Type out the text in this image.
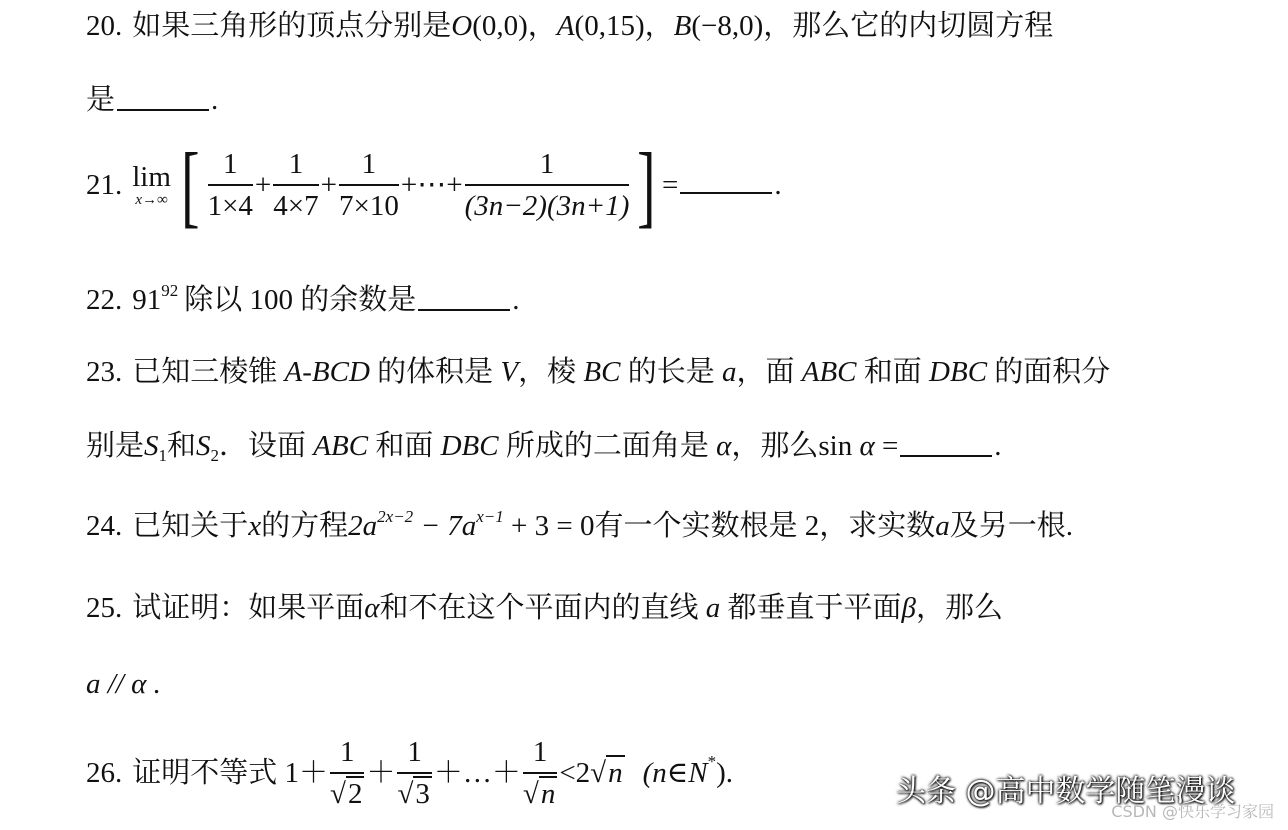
20. 如果三角形的顶点分别是O(0,0)，A(0,15)，B(−8,0)，那么它的内切圆方程
是	.
21. lim
x→∞ [ $\frac{1}{1\times 4} + \frac{1}{4\times 7} + \frac{1}{7\times 10}$ +⋯+ $\frac{1}{(3n-2)(3n+1)}$ ] =	.
22. $91^{92}$ 除以 100 的余数是	.
23. 已知三棱锥 A-BCD 的体积是 V，棱 BC 的长是 a，面 ABC 和面 DBC 的面积分
别是$S_1$和$S_2$．设面 ABC 和面 DBC 所成的二面角是 α，那么sin α =	.
24. 已知关于x的方程$2a^{2x-2} - 7a^{x-1} + 3 = 0$有一个实数根是 2，求实数a及另一根.
25. 试证明：如果平面α和不在这个平面内的直线 a 都垂直于平面β，那么
a // α .
26. 证明不等式 $1+ \frac{1}{√2} + \frac{1}{√3}$ ＋…＋ $\frac{1}{√n} <2√n$ (n∈N*).
头条 @高中数学随笔漫谈
CSDN @快乐学习家园
